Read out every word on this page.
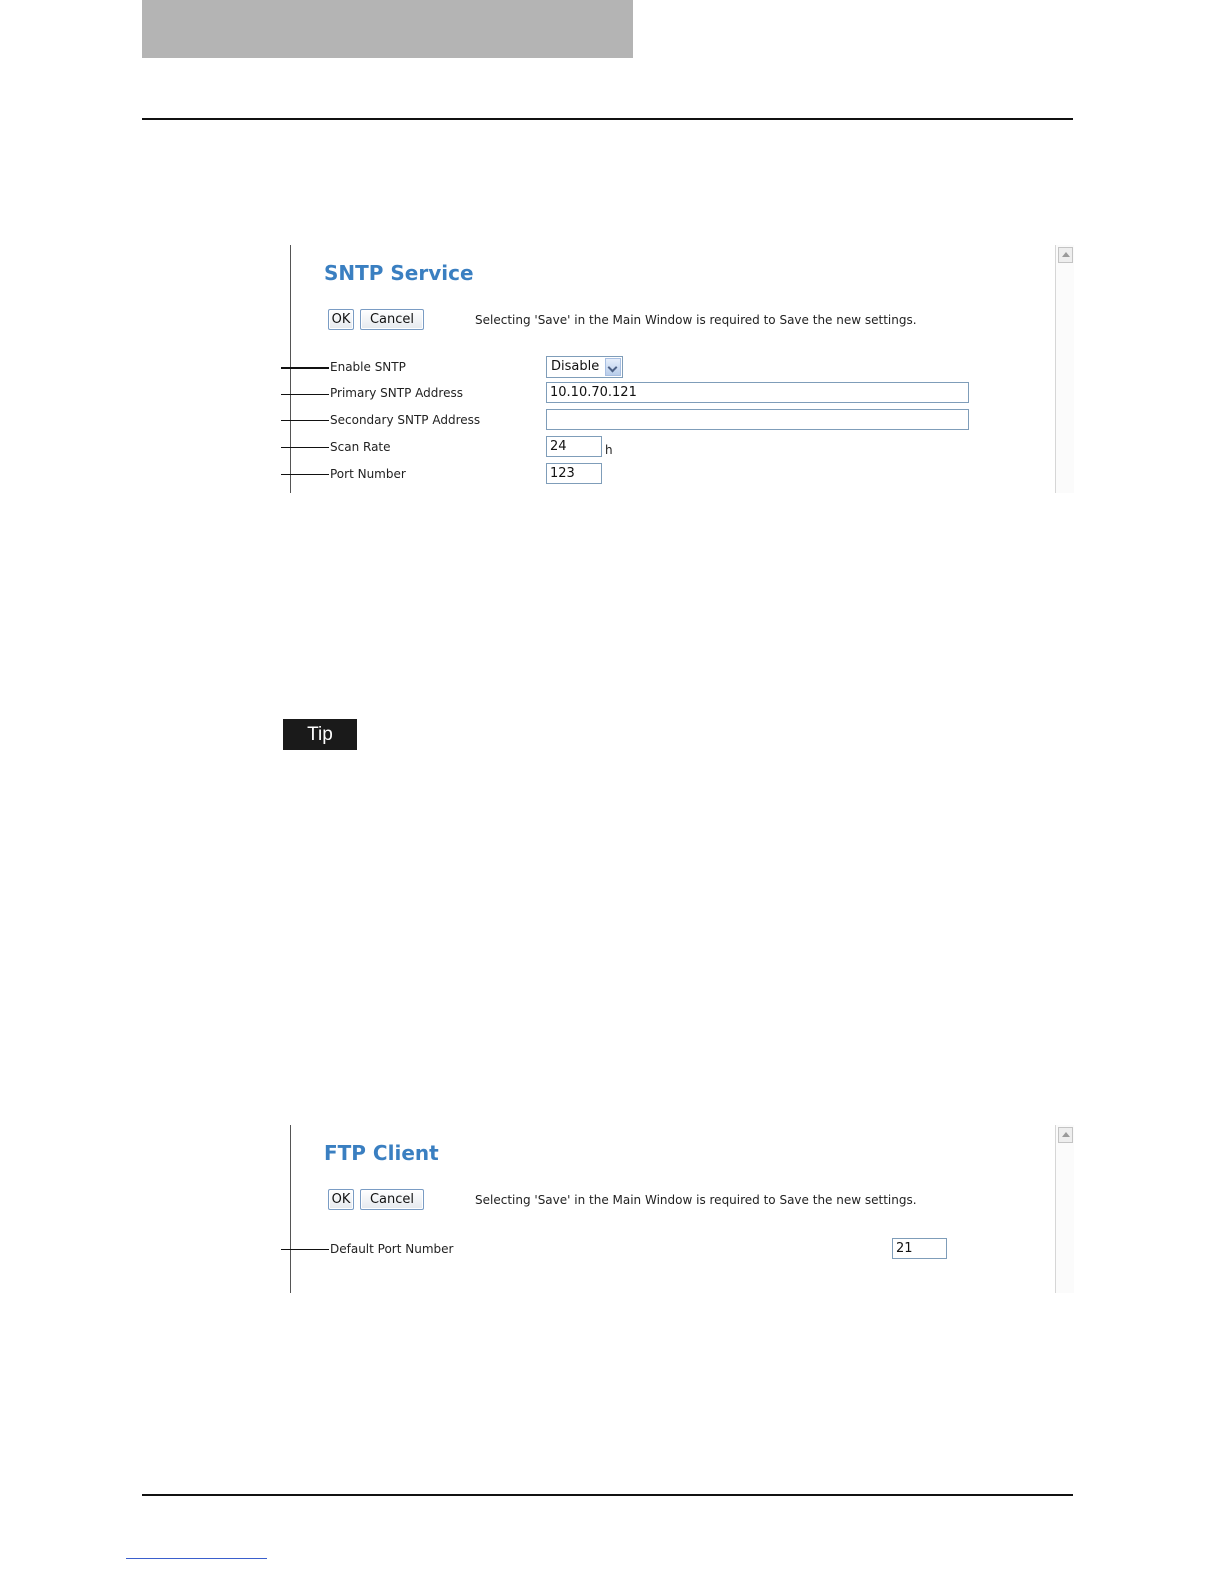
SNTP Service
OK	Cancel	Selecting 'Save' in the Main Window is required to Save the new settings.
Enable SNTP	Disable
Primary SNTP Address	10.10.70.121
Secondary SNTP Address
Scan Rate	24	h
Port Number	123
Tip
FTP Client
OK	Cancel	Selecting 'Save' in the Main Window is required to Save the new settings.
Default Port Number	21
